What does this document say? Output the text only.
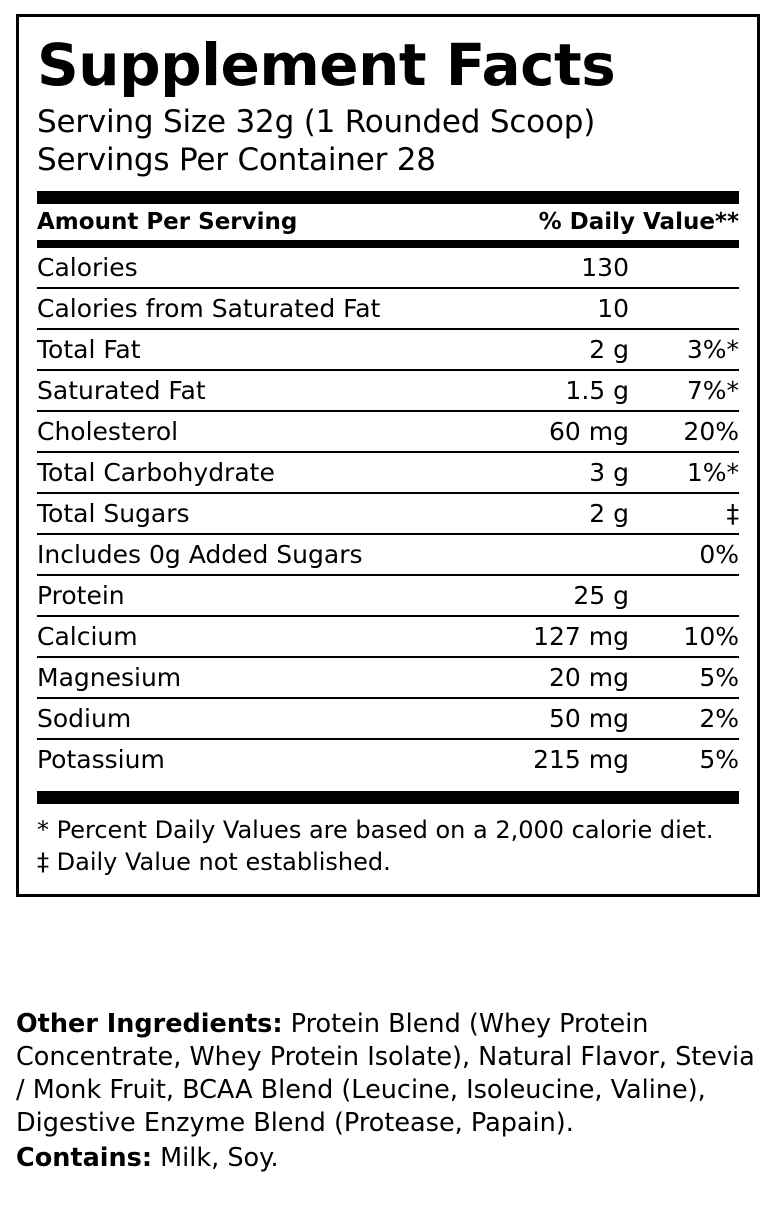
Supplement Facts
Serving Size 32g (1 Rounded Scoop)
Servings Per Container 28
Amount Per Serving		% Daily Value**
Calories	130	
Calories from Saturated Fat	10	
Total Fat	2 g	3%*
Saturated Fat	1.5 g	7%*
Cholesterol	60 mg	20%
Total Carbohydrate	3 g	1%*
Total Sugars	2 g	‡
Includes 0g Added Sugars		0%
Protein	25 g	
Calcium	127 mg	10%
Magnesium	20 mg	5%
Sodium	50 mg	2%
Potassium	215 mg	5%
* Percent Daily Values are based on a 2,000 calorie diet.
‡ Daily Value not established.
Other Ingredients: Protein Blend (Whey Protein Concentrate, Whey Protein Isolate), Natural Flavor, Stevia / Monk Fruit, BCAA Blend (Leucine, Isoleucine, Valine), Digestive Enzyme Blend (Protease, Papain).
Contains: Milk, Soy.
